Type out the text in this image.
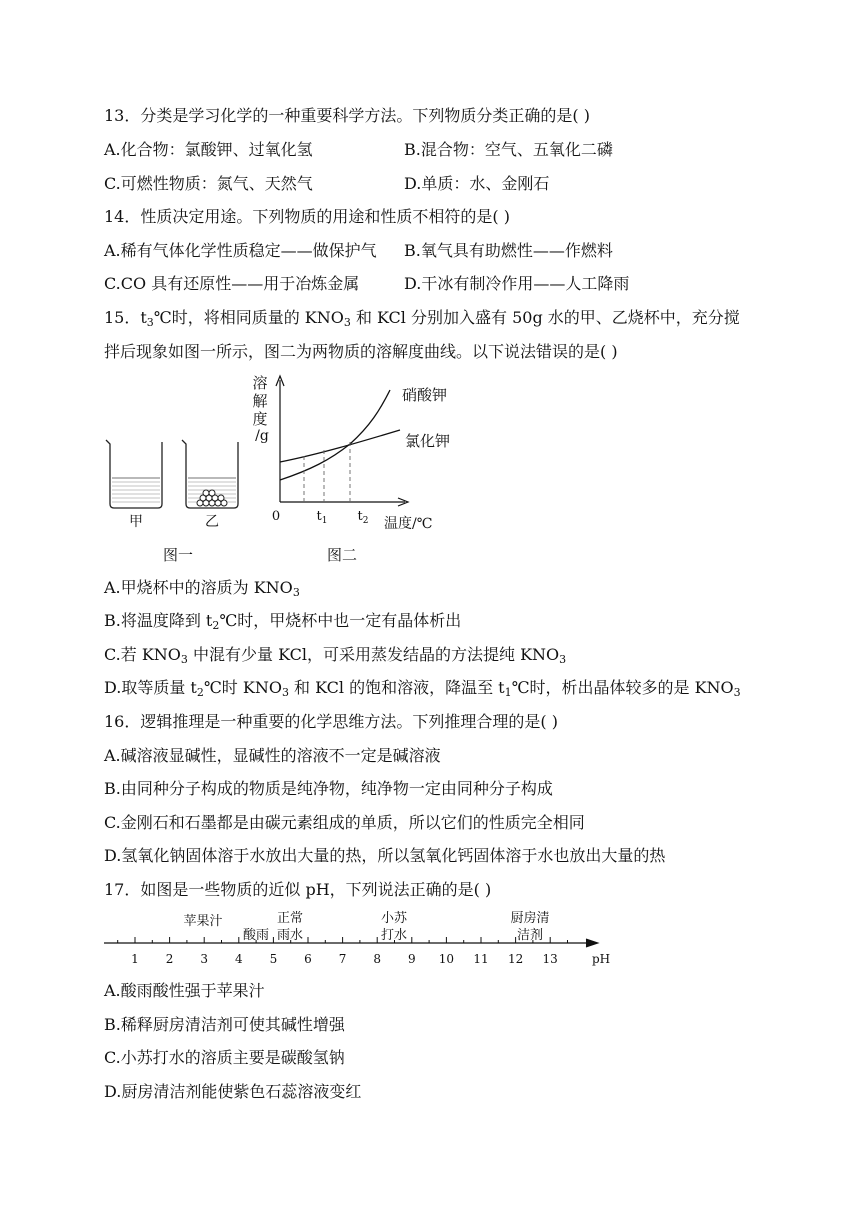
13．分类是学习化学的一种重要科学方法。下列物质分类正确的是( )
A.化合物：氯酸钾、过氧化氢	B.混合物：空气、五氧化二磷
C.可燃性物质：氮气、天然气	D.单质：水、金刚石
14．性质决定用途。下列物质的用途和性质不相符的是( )
A.稀有气体化学性质稳定——做保护气 B.氧气具有助燃性——作燃料
C.CO 具有还原性——用于冶炼金属	D.干冰有制冷作用——人工降雨
15．$t_3℃$时，将相同质量的 $KNO_3$ 和 KCl 分别加入盛有 50g 水的甲、乙烧杯中，充分搅
拌后现象如图一所示，图二为两物质的溶解度曲线。以下说法错误的是( )
甲	乙
图一
溶
解
度
/g
0	$t_1$ $t_2$ 温度/℃
硝酸钾
氯化钾
图二
A.甲烧杯中的溶质为 $KNO_3$
B.将温度降到 $t_2℃$时，甲烧杯中也一定有晶体析出
C.若 $KNO_3$ 中混有少量 KCl，可采用蒸发结晶的方法提纯 $KNO_3$
D.取等质量 $t_2℃$时 $KNO_3$ 和 KCl 的饱和溶液，降温至 $t_1℃$时，析出晶体较多的是 $KNO_3$
16．逻辑推理是一种重要的化学思维方法。下列推理合理的是( )
A.碱溶液显碱性，显碱性的溶液不一定是碱溶液
B.由同种分子构成的物质是纯净物，纯净物一定由同种分子构成
C.金刚石和石墨都是由碳元素组成的单质，所以它们的性质完全相同
D.氢氧化钠固体溶于水放出大量的热，所以氢氧化钙固体溶于水也放出大量的热
17．如图是一些物质的近似 pH，下列说法正确的是( )
1 2 3 4 5 6 7 8 9 10 11 12 13	pH
苹果汁
酸雨
正常
雨水
小苏
打水
厨房清
洁剂
A.酸雨酸性强于苹果汁
B.稀释厨房清洁剂可使其碱性增强
C.小苏打水的溶质主要是碳酸氢钠
D.厨房清洁剂能使紫色石蕊溶液变红
